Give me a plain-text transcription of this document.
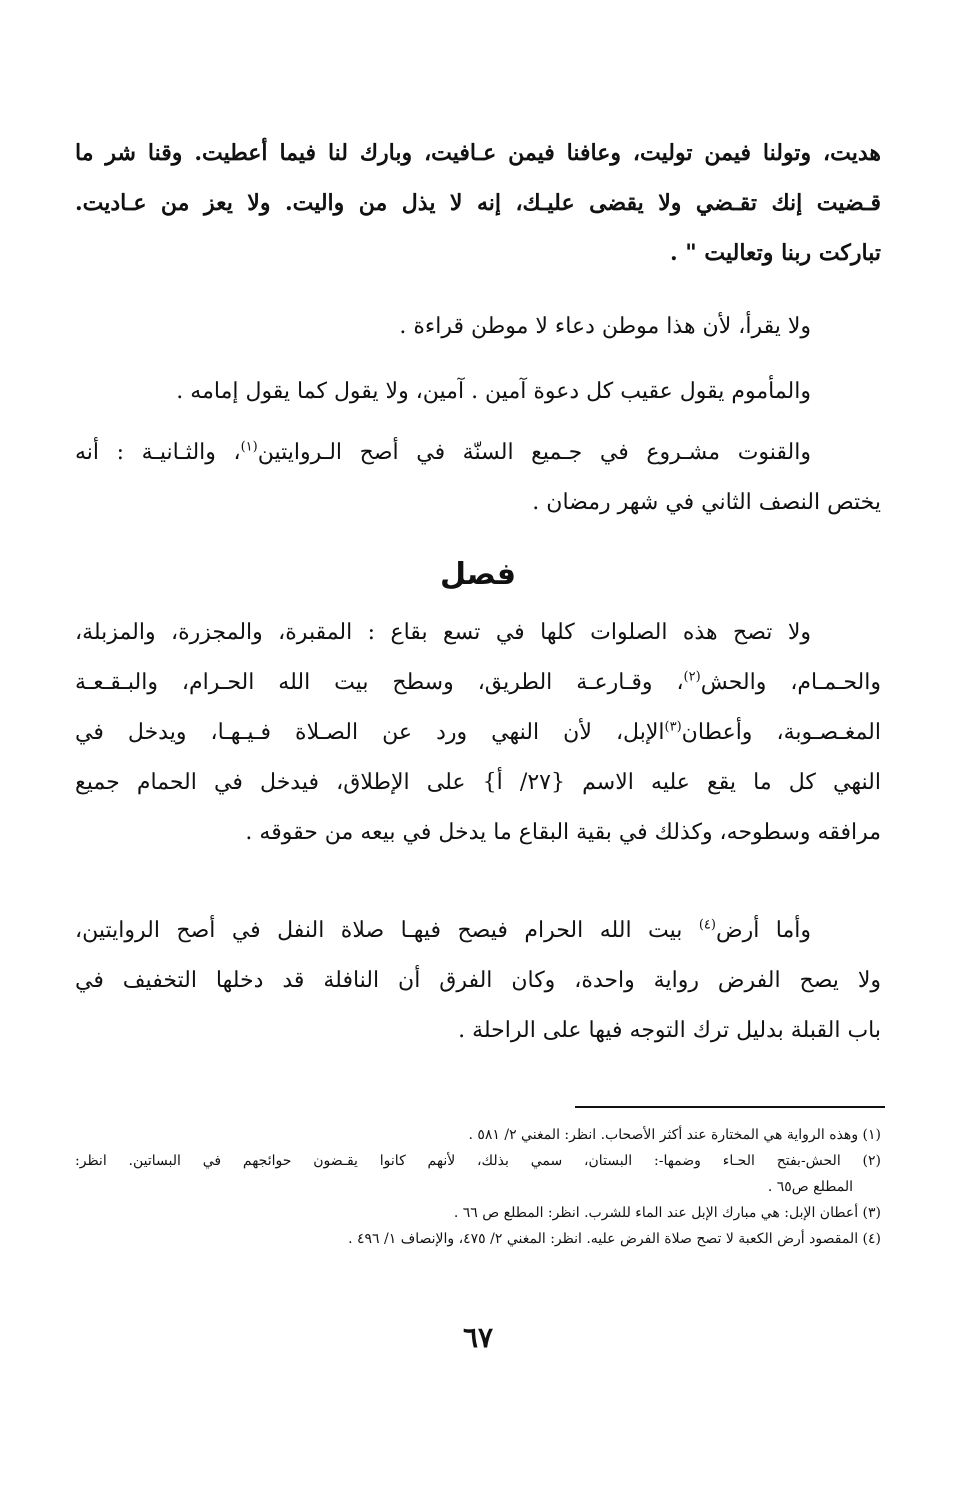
هديت، وتولنا فيمن توليت، وعافنا فيمن عـافيت، وبارك لنا فيما أعطيت. وقنا شر ما
قـضيت إنك تقـضي ولا يقضى عليـك، إنه لا يذل من واليت. ولا يعز من عـاديت.
تباركت ربنا وتعاليت " .
ولا يقرأ، لأن هذا موطن دعاء لا موطن قراءة .
والمأموم يقول عقيب كل دعوة آمين . آمين، ولا يقول كما يقول إمامه .
والقنوت مشـروع في جـميع السنّة في أصح الـروايتين$^{(١)}$، والثـانيـة : أنه
يختص النصف الثاني في شهر رمضان .
فصل
ولا تصح هذه الصلوات كلها في تسع بقاع : المقبرة، والمجزرة، والمزبلة،
والحـمـام، والحش$^{(٢)}$، وقـارعـة الطريق، وسطح بيت الله الحـرام، والبـقـعـة
المغـصـوبة، وأعطان$^{(٣)}$الإبل، لأن النهي ورد عن الصـلاة فـيـهـا، ويدخل في
النهي كل ما يقع عليه الاسم {٢٧/ أ} على الإطلاق، فيدخل في الحمام جميع
مرافقه وسطوحه، وكذلك في بقية البقاع ما يدخل في بيعه من حقوقه .
وأما أرض$^{(٤)}$ بيت الله الحرام فيصح فيهـا صلاة النفل في أصح الروايتين،
ولا يصح الفرض رواية واحدة، وكان الفرق أن النافلة قد دخلها التخفيف في
باب القبلة بدليل ترك التوجه فيها على الراحلة .
(١) وهذه الرواية هي المختارة عند أكثر الأصحاب. انظر: المغني ٢/ ٥٨١ .
(٢) الحش-بفتح الحـاء وضمها-: البستان، سمي بذلك، لأنهم كانوا يقـضون حوائجهم في البساتين. انظر:
المطلع ص٦٥ .
(٣) أعطان الإبل: هي مبارك الإبل عند الماء للشرب. انظر: المطلع ص ٦٦ .
(٤) المقصود أرض الكعبة لا تصح صلاة الفرض عليه. انظر: المغني ٢/ ٤٧٥، والإنصاف ١/ ٤٩٦ .
٦٧
